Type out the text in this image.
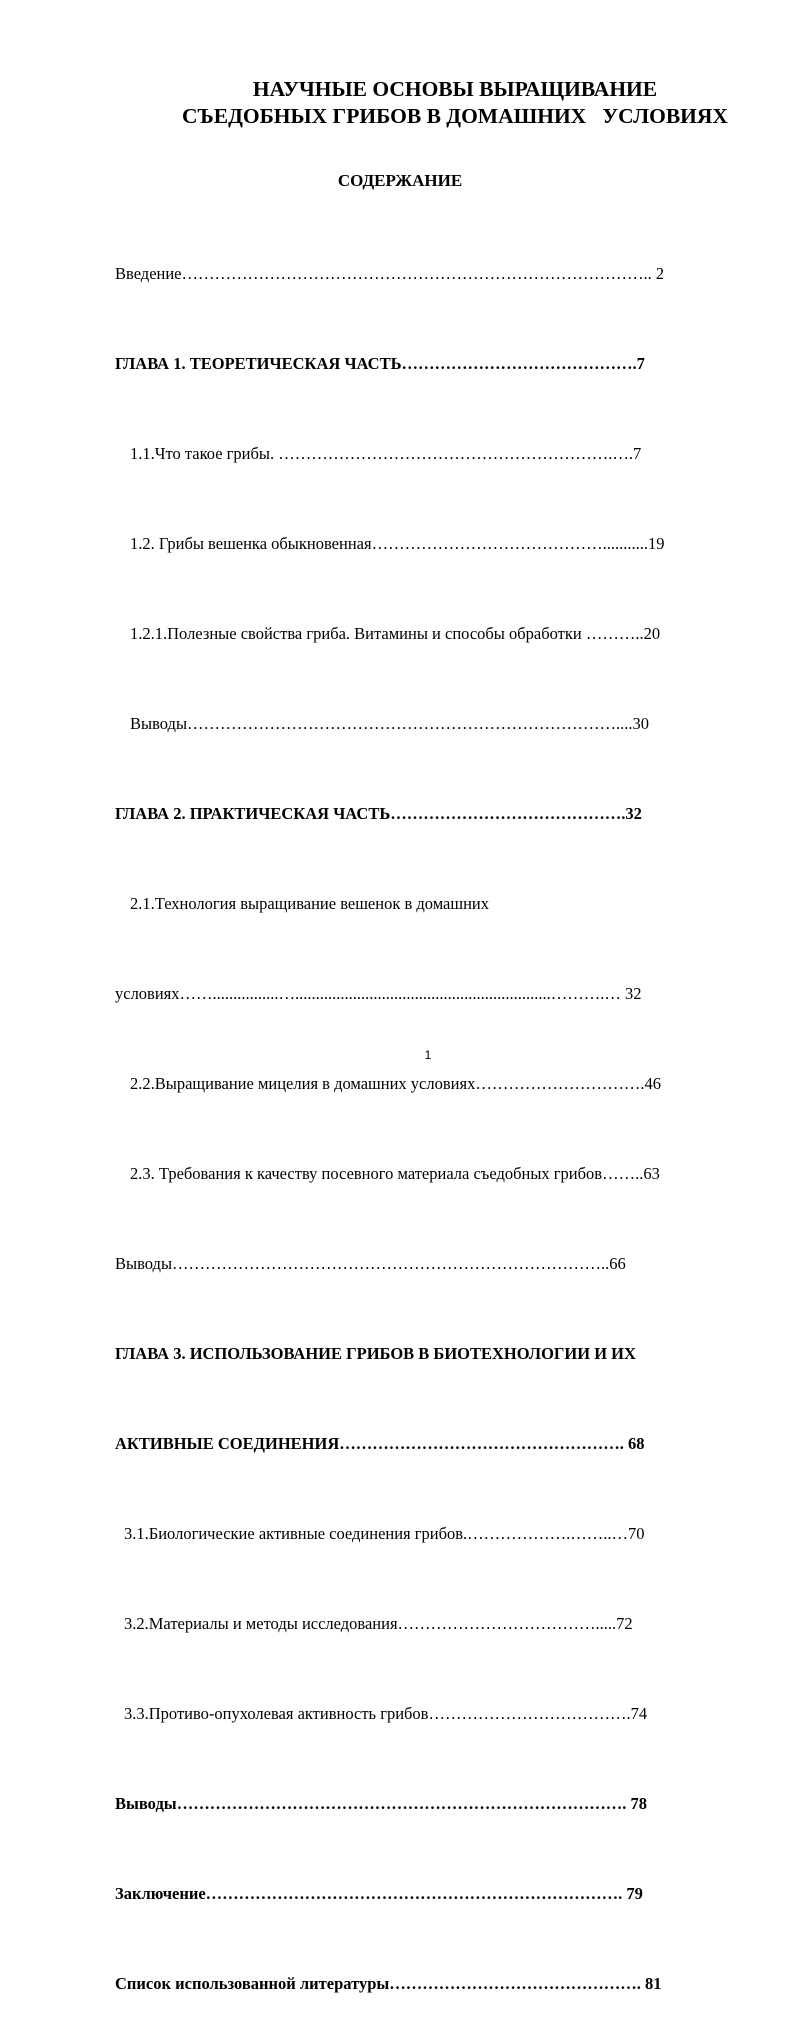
НАУЧНЫЕ ОСНОВЫ ВЫРАЩИВАНИЕ
СЪЕДОБНЫХ ГРИБОВ В ДОМАШНИХ   УСЛОВИЯХ
СОДЕРЖАНИЕ

Введение………………………………………………………………………….. 2

ГЛАВА 1. ТЕОРЕТИЧЕСКАЯ ЧАСТЬ…………………………………….7

1.1.Что такое грибы. …………………………………………………….….7

1.2. Грибы вешенка обыкновенная……………………………………...........19

1.2.1.Полезные свойства гриба. Витамины и способы обработки ………..20

Выводы……………………………………………………………………....30

ГЛАВА 2. ПРАКТИЧЕСКАЯ ЧАСТЬ…………………………………….32

2.1.Технология выращивание вешенок в домашних

условиях……................…..............................................................……….… 32

2.2.Выращивание мицелия в домашних условиях………………………….46

2.3. Требования к качеству посевного материала съедобных грибов……..63

Выводы……………………………………………………………………..66

ГЛАВА 3. ИСПОЛЬЗОВАНИЕ ГРИБОВ В БИОТЕХНОЛОГИИ И ИХ

АКТИВНЫЕ СОЕДИНЕНИЯ……………………………………………. 68

3.1.Биологические активные соединения грибов.……………….……..…70

3.2.Материалы и методы исследования……………………………….....72

3.3.Противо-опухолевая активность грибов……………………………….74

Выводы………………………………………………………………………. 78

Заключение…………………………………………………………………. 79

Список использованной литературы………………………………………. 81

1
